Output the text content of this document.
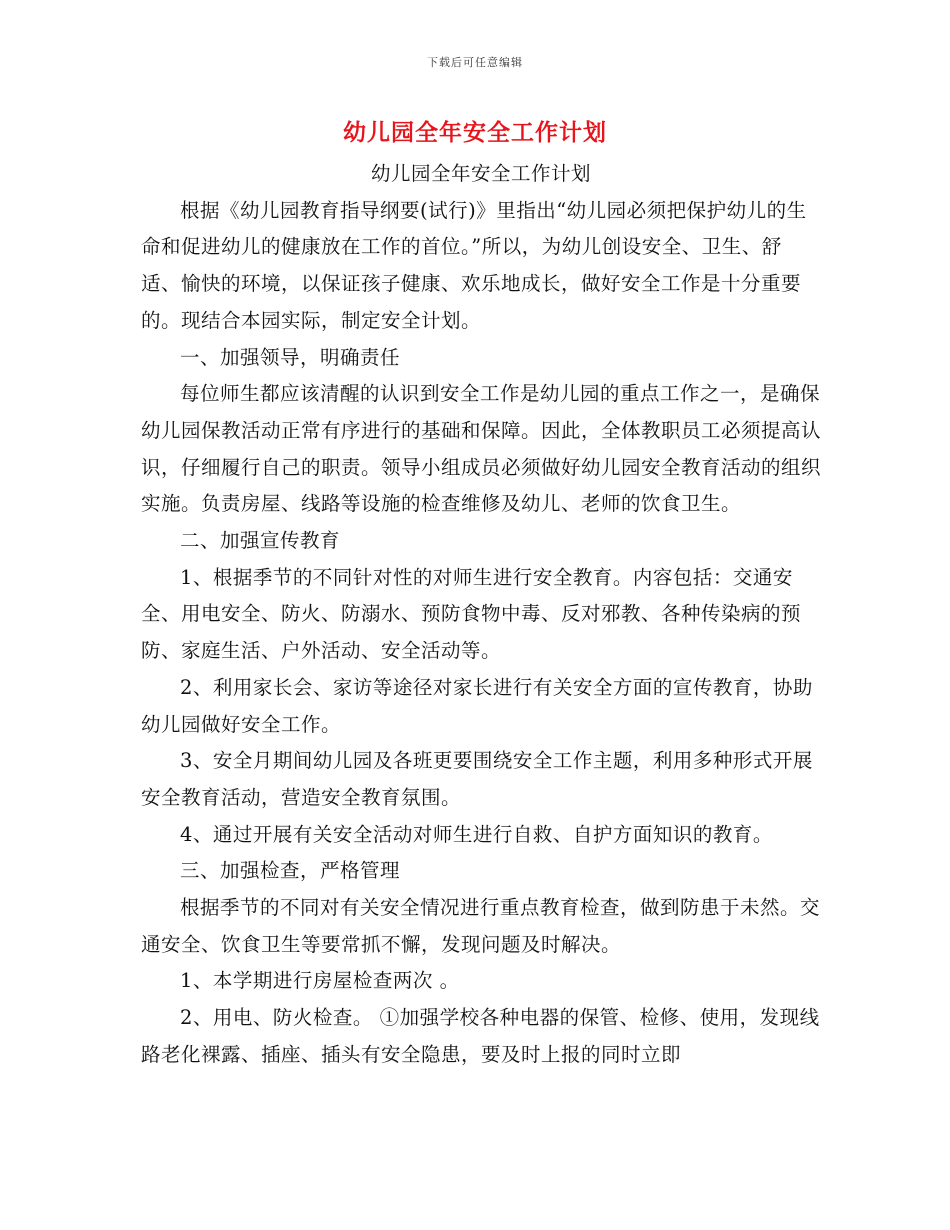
下载后可任意编辑
幼儿园全年安全工作计划

幼儿园全年安全工作计划

根据《幼儿园教育指导纲要(试行)》里指出“幼儿园必须把保护幼儿的生命和促进幼儿的健康放在工作的首位。”所以，为幼儿创设安全、卫生、舒适、愉快的环境，以保证孩子健康、欢乐地成长，做好安全工作是十分重要的。现结合本园实际，制定安全计划。

一、加强领导，明确责任

每位师生都应该清醒的认识到安全工作是幼儿园的重点工作之一，是确保幼儿园保教活动正常有序进行的基础和保障。因此，全体教职员工必须提高认识，仔细履行自己的职责。领导小组成员必须做好幼儿园安全教育活动的组织实施。负责房屋、线路等设施的检查维修及幼儿、老师的饮食卫生。

二、加强宣传教育

1、根据季节的不同针对性的对师生进行安全教育。内容包括：交通安全、用电安全、防火、防溺水、预防食物中毒、反对邪教、各种传染病的预防、家庭生活、户外活动、安全活动等。

2、利用家长会、家访等途径对家长进行有关安全方面的宣传教育，协助幼儿园做好安全工作。

3、安全月期间幼儿园及各班更要围绕安全工作主题，利用多种形式开展安全教育活动，营造安全教育氛围。

4、通过开展有关安全活动对师生进行自救、自护方面知识的教育。

三、加强检查，严格管理

根据季节的不同对有关安全情况进行重点教育检查，做到防患于未然。交通安全、饮食卫生等要常抓不懈，发现问题及时解决。

1、本学期进行房屋检查两次 。

2、用电、防火检查。 ①加强学校各种电器的保管、检修、使用，发现线路老化裸露、插座、插头有安全隐患，要及时上报的同时立即
